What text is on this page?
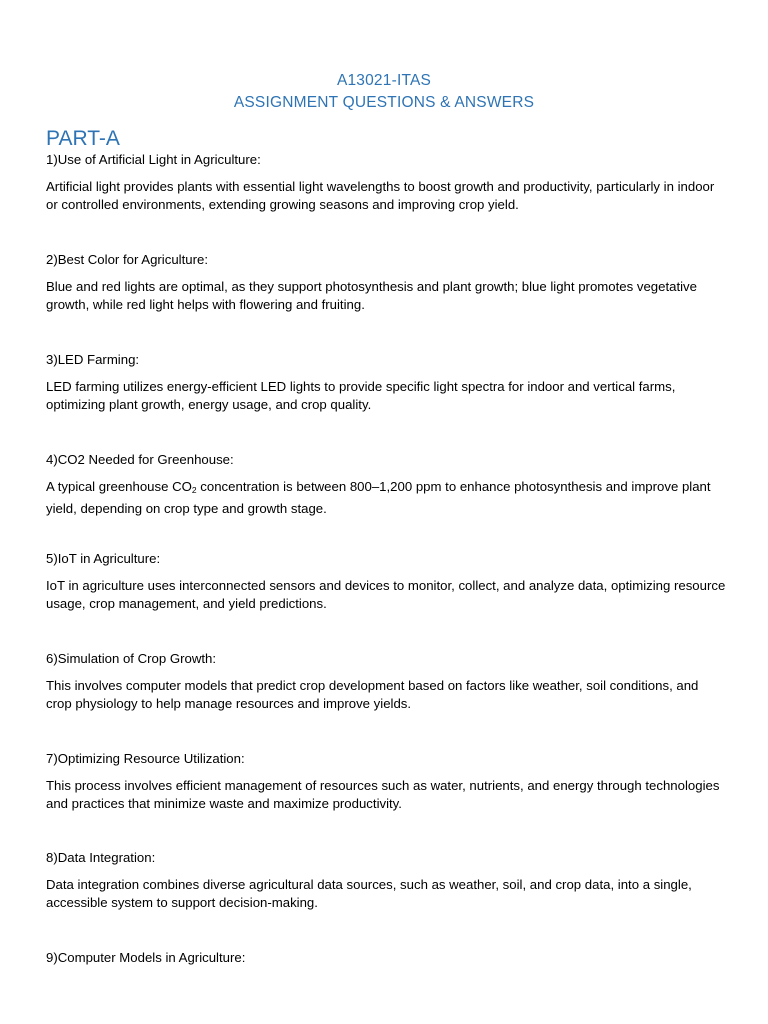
A13021-ITAS
ASSIGNMENT QUESTIONS & ANSWERS
PART-A
1)Use of Artificial Light in Agriculture:
Artificial light provides plants with essential light wavelengths to boost growth and productivity, particularly in indoor or controlled environments, extending growing seasons and improving crop yield.
2)Best Color for Agriculture:
Blue and red lights are optimal, as they support photosynthesis and plant growth; blue light promotes vegetative growth, while red light helps with flowering and fruiting.
3)LED Farming:
LED farming utilizes energy-efficient LED lights to provide specific light spectra for indoor and vertical farms, optimizing plant growth, energy usage, and crop quality.
4)CO2 Needed for Greenhouse:
A typical greenhouse $CO_2$ concentration is between 800–1,200 ppm to enhance photosynthesis and improve plant yield, depending on crop type and growth stage.
5)IoT in Agriculture:
IoT in agriculture uses interconnected sensors and devices to monitor, collect, and analyze data, optimizing resource usage, crop management, and yield predictions.
6)Simulation of Crop Growth:
This involves computer models that predict crop development based on factors like weather, soil conditions, and crop physiology to help manage resources and improve yields.
7)Optimizing Resource Utilization:
This process involves efficient management of resources such as water, nutrients, and energy through technologies and practices that minimize waste and maximize productivity.
8)Data Integration:
Data integration combines diverse agricultural data sources, such as weather, soil, and crop data, into a single, accessible system to support decision-making.
9)Computer Models in Agriculture:
